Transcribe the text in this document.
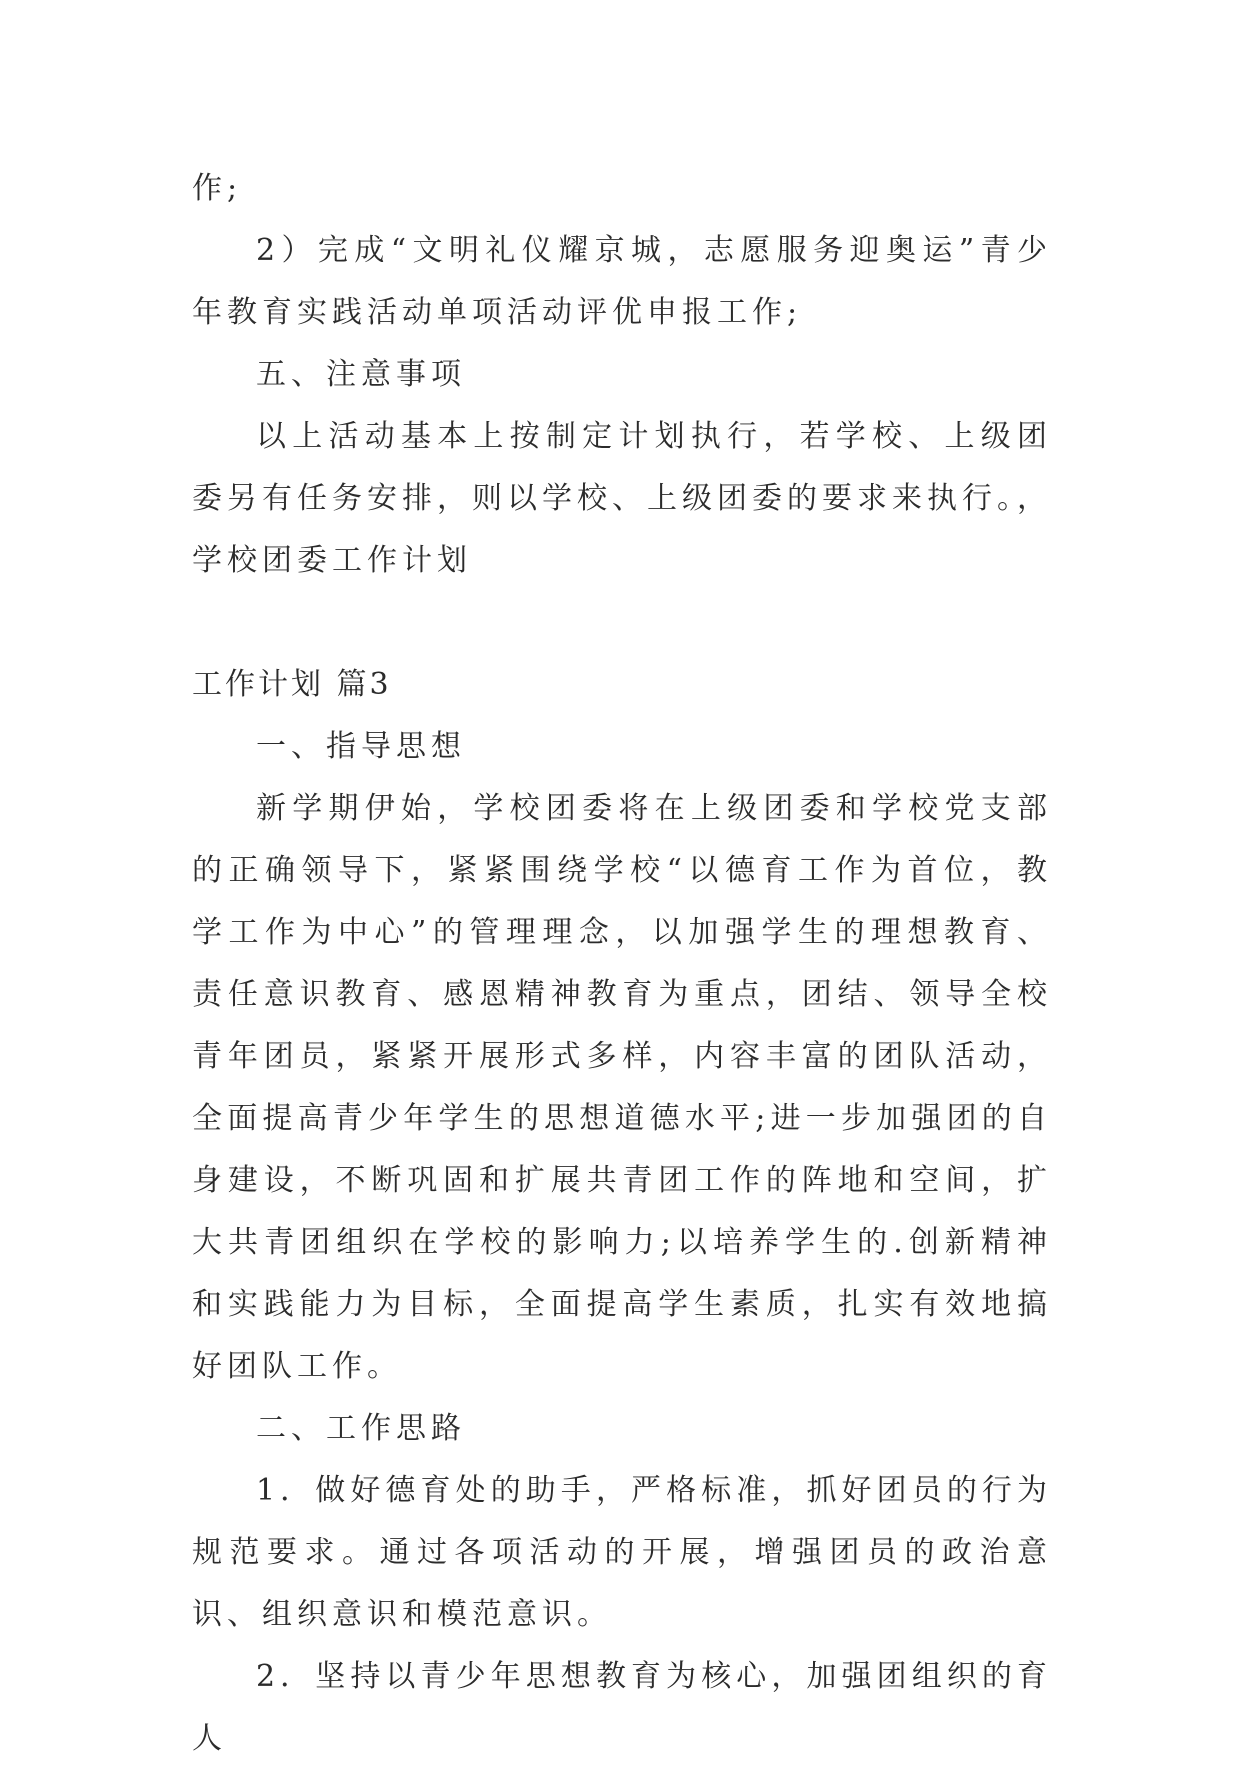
作;

2）完成“文明礼仪耀京城，志愿服务迎奥运”青少年教育实践活动单项活动评优申报工作;

五、注意事项

以上活动基本上按制定计划执行，若学校、上级团委另有任务安排，则以学校、上级团委的要求来执行。，学校团委工作计划

工作计划 篇3

一、指导思想

新学期伊始，学校团委将在上级团委和学校党支部的正确领导下，紧紧围绕学校“以德育工作为首位，教学工作为中心”的管理理念，以加强学生的理想教育、责任意识教育、感恩精神教育为重点，团结、领导全校青年团员，紧紧开展形式多样，内容丰富的团队活动，全面提高青少年学生的思想道德水平;进一步加强团的自身建设，不断巩固和扩展共青团工作的阵地和空间，扩大共青团组织在学校的影响力;以培养学生的.创新精神和实践能力为目标，全面提高学生素质，扎实有效地搞好团队工作。

二、工作思路

1．做好德育处的助手，严格标准，抓好团员的行为规范要求。通过各项活动的开展，增强团员的政治意识、组织意识和模范意识。

2．坚持以青少年思想教育为核心，加强团组织的育人
